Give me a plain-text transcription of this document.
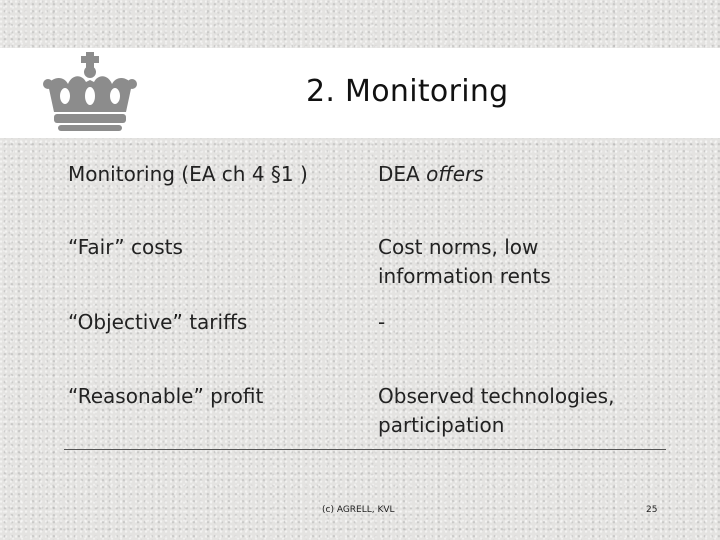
2. Monitoring
Monitoring (EA ch 4 §1 )	DEA offers
“Fair” costs	Cost norms, low
information rents
“Objective” tariffs	-
“Reasonable” profit	Observed technologies,
participation
(c) AGRELL, KVL	25
